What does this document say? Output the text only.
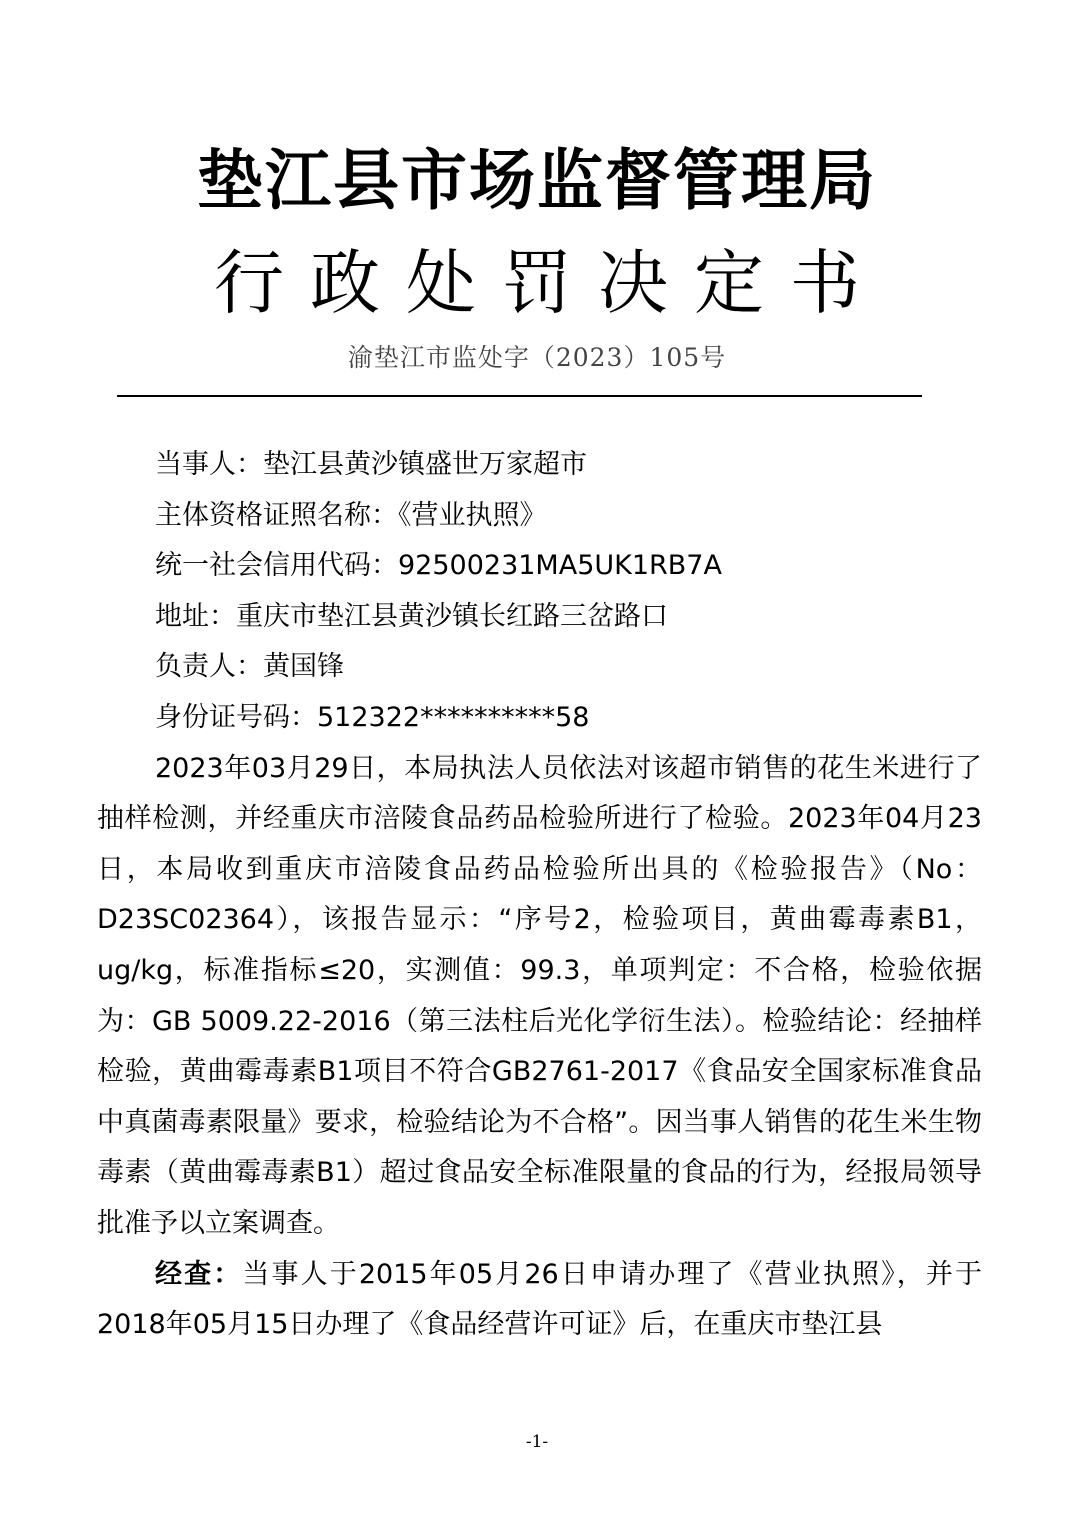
垫江县市场监督管理局
行政处罚决定书
渝垫江市监处字（2023）105号
当事人：垫江县黄沙镇盛世万家超市
主体资格证照名称：《营业执照》
统一社会信用代码：92500231MA5UK1RB7A
地址：重庆市垫江县黄沙镇长红路三岔路口
负责人：黄国锋
身份证号码：512322**********58

2023年03月29日，本局执法人员依法对该超市销售的花生米进行了抽样检测，并经重庆市涪陵食品药品检验所进行了检验。2023年04月23日，本局收到重庆市涪陵食品药品检验所出具的《检验报告》（No：D23SC02364），该报告显示：“序号2，检验项目，黄曲霉毒素B1，ug/kg，标准指标≤20，实测值：99.3，单项判定：不合格，检验依据为：GB 5009.22-2016（第三法柱后光化学衍生法）。检验结论：经抽样检验，黄曲霉毒素B1项目不符合GB2761-2017《食品安全国家标准食品中真菌毒素限量》要求，检验结论为不合格”。因当事人销售的花生米生物毒素（黄曲霉毒素B1）超过食品安全标准限量的食品的行为，经报局领导批准予以立案调查。

经查：当事人于2015年05月26日申请办理了《营业执照》，并于2018年05月15日办理了《食品经营许可证》后，在重庆市垫江县

-1-
